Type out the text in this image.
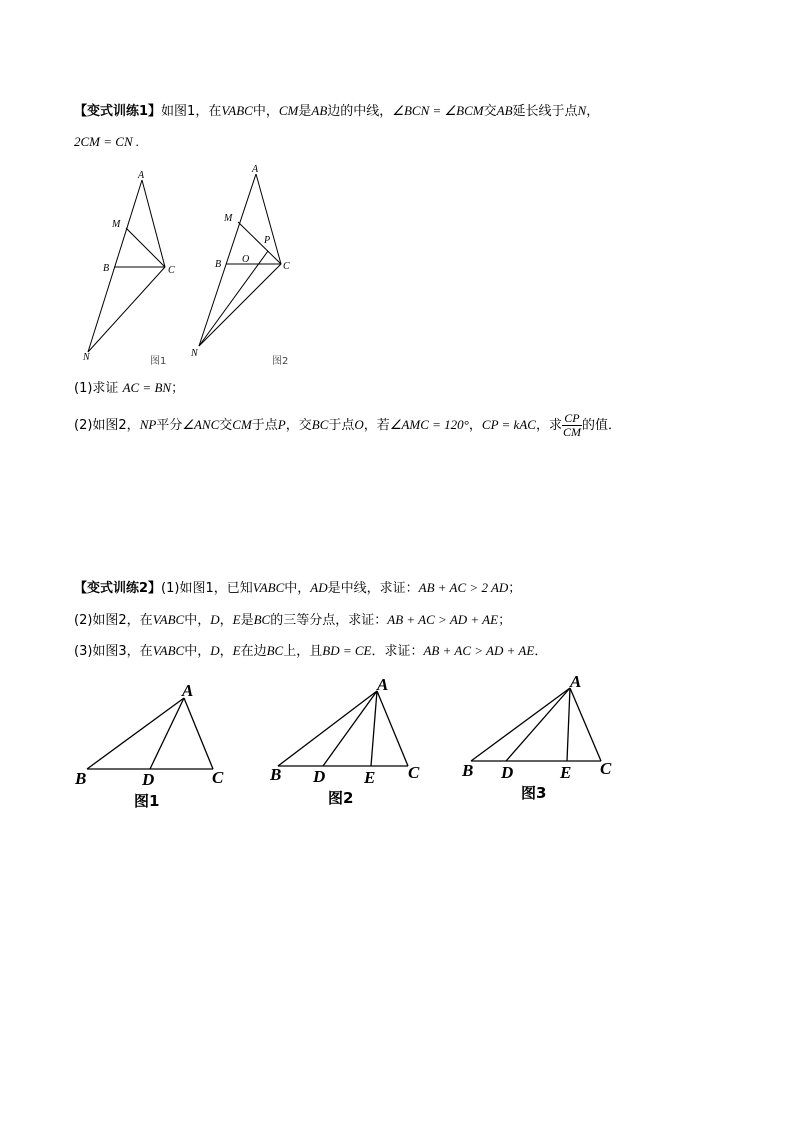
【变式训练1】如图1，在VABC中，CM是AB边的中线，∠BCN = ∠BCM交AB延长线于点N，
2CM = CN .
A
M
B	C
N	图1
A
M
P
B O
C
N
图2
(1)求证 AC = BN；
(2)如图2，NP平分∠ANC交CM于点P，交BC于点O，若∠AMC = 120°，CP = kAC，求 $\frac{CP}{CM}$ 的值．
【变式训练2】(1)如图1，已知VABC中，AD是中线，求证：AB + AC > 2 AD；
(2)如图2，在VABC中，D，E是BC的三等分点，求证：AB + AC > AD + AE；
(3)如图3，在VABC中，D，E在边BC上，且BD = CE．求证：AB + AC > AD + AE．
A
B	D	C
图1
A
B D E C
图2
A
B D	E C
图3
